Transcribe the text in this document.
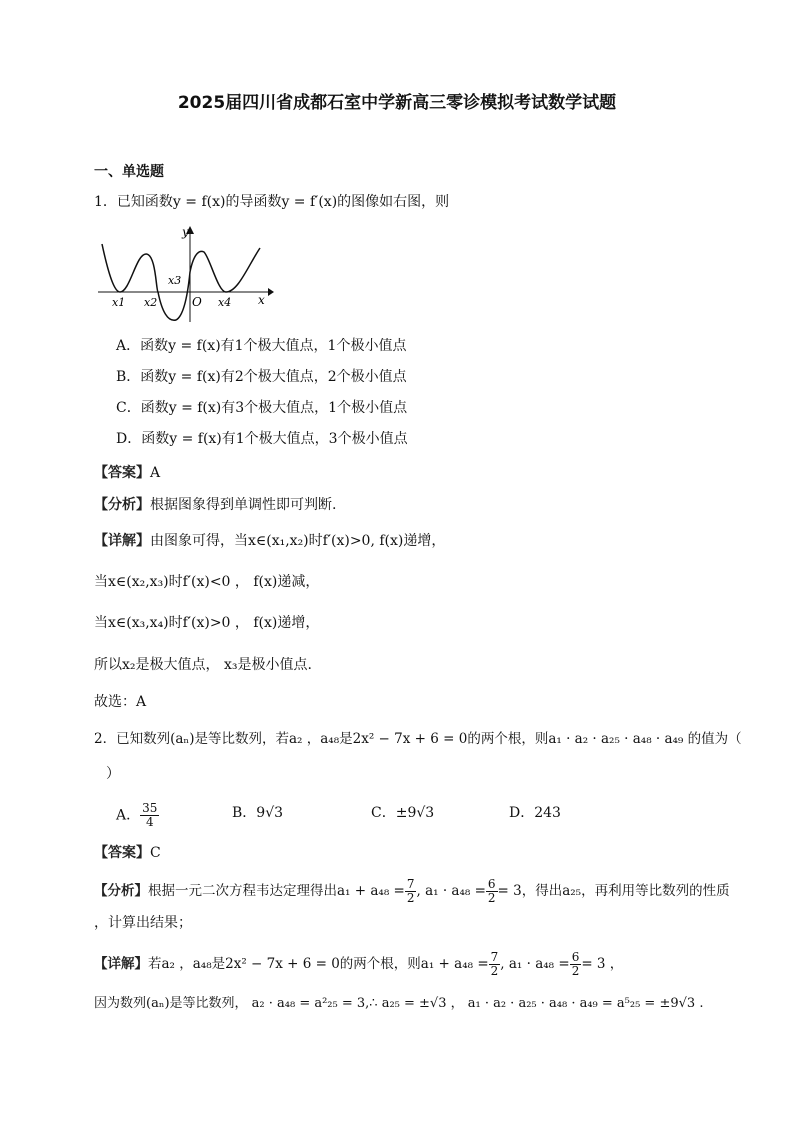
2025届四川省成都石室中学新高三零诊模拟考试数学试题
一、单选题
1．已知函数y = f(x)的导函数y = f′(x)的图像如右图，则
y
x
O
x1 x2
x3
x4
A．函数y = f(x)有1个极大值点，1个极小值点
B．函数y = f(x)有2个极大值点，2个极小值点
C．函数y = f(x)有3个极大值点，1个极小值点
D．函数y = f(x)有1个极大值点，3个极小值点
【答案】A
【分析】根据图象得到单调性即可判断.
【详解】由图象可得，当x∈(x₁,x₂)时f′(x)>0, f(x)递增，
当x∈(x₂,x₃)时f′(x)<0 ， f(x)递减，
当x∈(x₃,x₄)时f′(x)>0 ， f(x)递增，
所以x₂是极大值点， x₃是极小值点.
故选：A
2．已知数列(aₙ)是等比数列，若a₂ ，a₄₈是2x² − 7x + 6 = 0的两个根，则a₁ · a₂ · a₂₅ · a₄₈ · a₄₉ 的值为（
）
A． $\frac{35}{4}$	B．9√3	C．±9√3	D．243
【答案】C
【分析】根据一元二次方程韦达定理得出$a_1 + a_{48} = \frac{7}{2}$ , $a_1 \cdot a_{48} = \frac{6}{2} = 3$，得出a₂₅，再利用等比数列的性质
，计算出结果；
【详解】若a₂ ，a₄₈是2x² − 7x + 6 = 0的两个根，则$a_1 + a_{48} = \frac{7}{2}$ , $a_1 \cdot a_{48} = \frac{6}{2} = 3$ ，
因为数列(aₙ)是等比数列， a₂ · a₄₈ = a²₂₅ = 3,∴ a₂₅ = ±√3 ， a₁ · a₂ · a₂₅ · a₄₈ · a₄₉ = a⁵₂₅ = ±9√3 .
